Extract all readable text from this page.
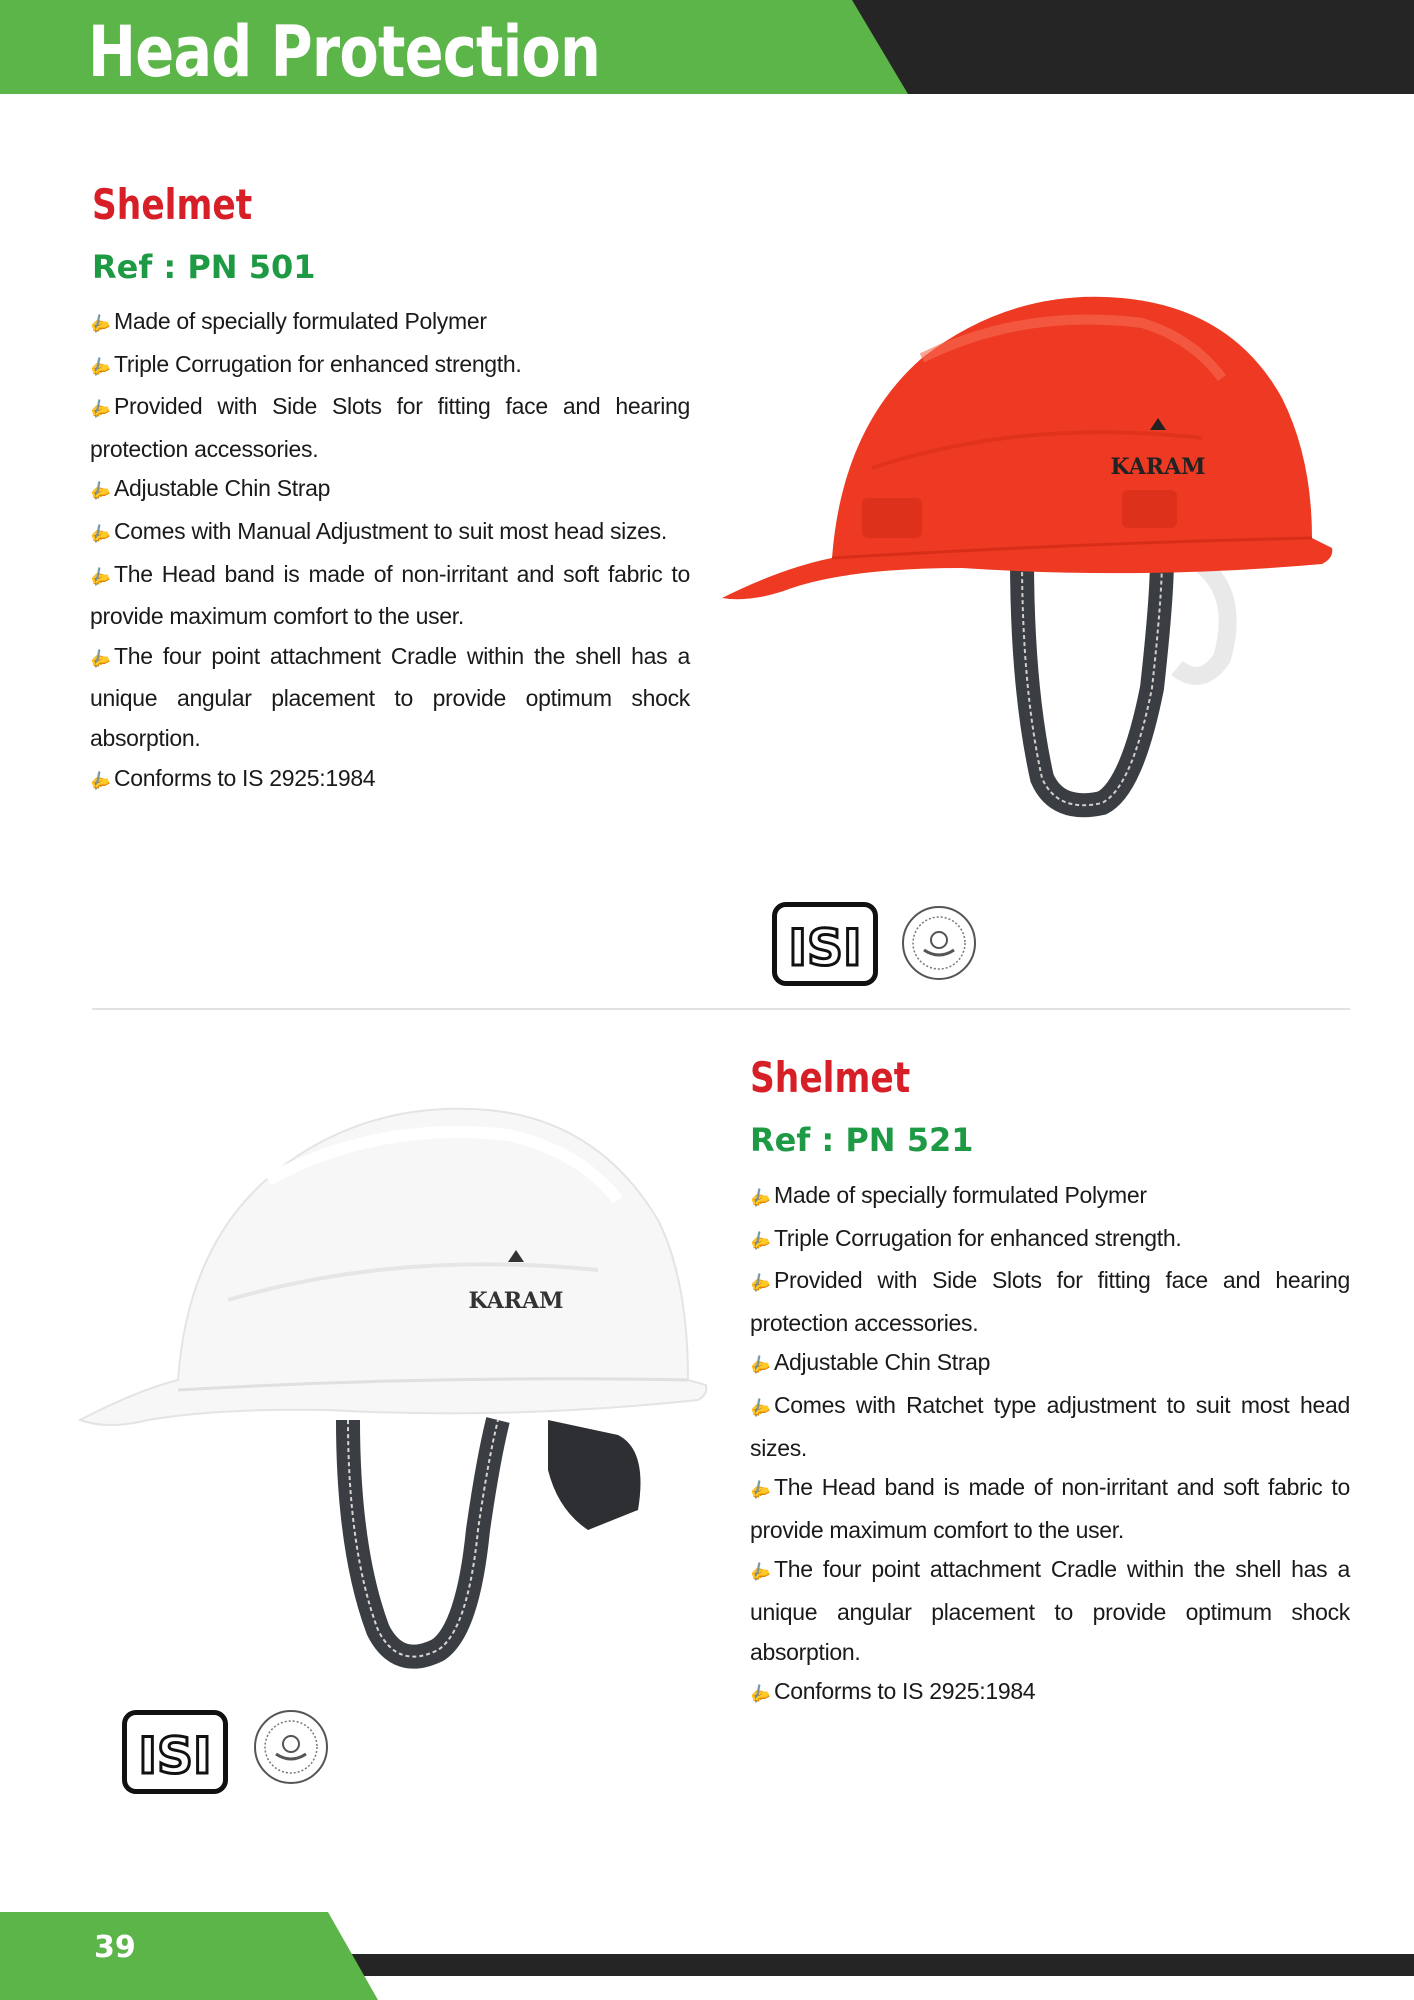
Head Protection
Shelmet
Ref : PN 501
✍Made of specially formulated Polymer
✍Triple Corrugation for enhanced strength.
✍Provided with Side Slots for fitting face and hearing protection accessories.
✍Adjustable Chin Strap
✍Comes with Manual Adjustment to suit most head sizes.
✍The Head band is made of non-irritant and soft fabric to provide maximum comfort to the user.
✍The four point attachment Cradle within the shell has a unique angular placement to provide optimum shock absorption.
✍Conforms to IS 2925:1984
KARAM
ISI
KARAM
Shelmet
Ref : PN 521
✍Made of specially formulated Polymer
✍Triple Corrugation for enhanced strength.
✍Provided with Side Slots for fitting face and hearing protection accessories.
✍Adjustable Chin Strap
✍Comes with Ratchet type adjustment to suit most head sizes.
✍The Head band is made of non-irritant and soft fabric to provide maximum comfort to the user.
✍The four point attachment Cradle within the shell has a unique angular placement to provide optimum shock absorption.
✍Conforms to IS 2925:1984
ISI
39
